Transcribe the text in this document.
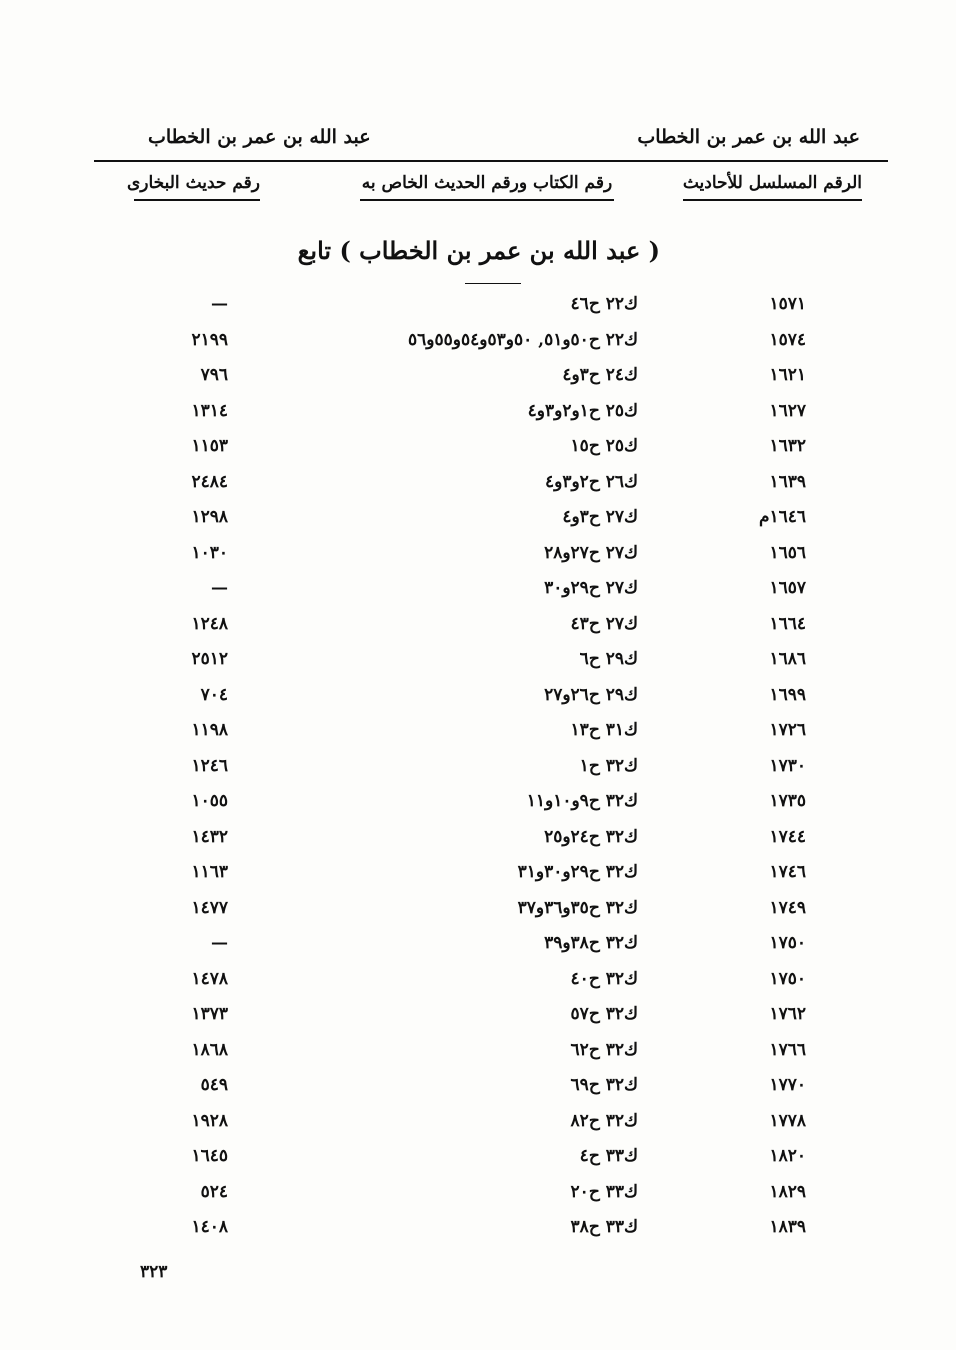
عبد الله بن عمر بن الخطاب
عبد الله بن عمر بن الخطاب
الرقم المسلسل للأحاديث
رقم الكتاب ورقم الحديث الخاص به
رقم حديث البخارى
( عبد الله بن عمر بن الخطاب ) تابع
١٥٧١
ك٢٢ ح٤٦
—
١٥٧٤
ك٢٢ ح٥٠و٥١, ٥٠و٥٣و٥٤و٥٥و٥٦
٢١٩٩
١٦٢١
ك٢٤ ح٣و٤
٧٩٦
١٦٢٧
ك٢٥ ح١و٢و٣و٤
١٣١٤
١٦٣٢
ك٢٥ ح١٥
١١٥٣
١٦٣٩
ك٢٦ ح٢و٣و٤
٢٤٨٤
١٦٤٦م
ك٢٧ ح٣و٤
١٢٩٨
١٦٥٦
ك٢٧ ح٢٧و٢٨
١٠٣٠
١٦٥٧
ك٢٧ ح٢٩و٣٠
—
١٦٦٤
ك٢٧ ح٤٣
١٢٤٨
١٦٨٦
ك٢٩ ح٦
٢٥١٢
١٦٩٩
ك٢٩ ح٢٦و٢٧
٧٠٤
١٧٢٦
ك٣١ ح١٣
١١٩٨
١٧٣٠
ك٣٢ ح١
١٢٤٦
١٧٣٥
ك٣٢ ح٩و١٠و١١
١٠٥٥
١٧٤٤
ك٣٢ ح٢٤و٢٥
١٤٣٢
١٧٤٦
ك٣٢ ح٢٩و٣٠و٣١
١١٦٣
١٧٤٩
ك٣٢ ح٣٥و٣٦و٣٧
١٤٧٧
١٧٥٠
ك٣٢ ح٣٨و٣٩
—
١٧٥٠
ك٣٢ ح٤٠
١٤٧٨
١٧٦٢
ك٣٢ ح٥٧
١٣٧٣
١٧٦٦
ك٣٢ ح٦٢
١٨٦٨
١٧٧٠
ك٣٢ ح٦٩
٥٤٩
١٧٧٨
ك٣٢ ح٨٢
١٩٢٨
١٨٢٠
ك٣٣ ح٤
١٦٤٥
١٨٢٩
ك٣٣ ح٢٠
٥٢٤
١٨٣٩
ك٣٣ ح٣٨
١٤٠٨
٣٢٣
